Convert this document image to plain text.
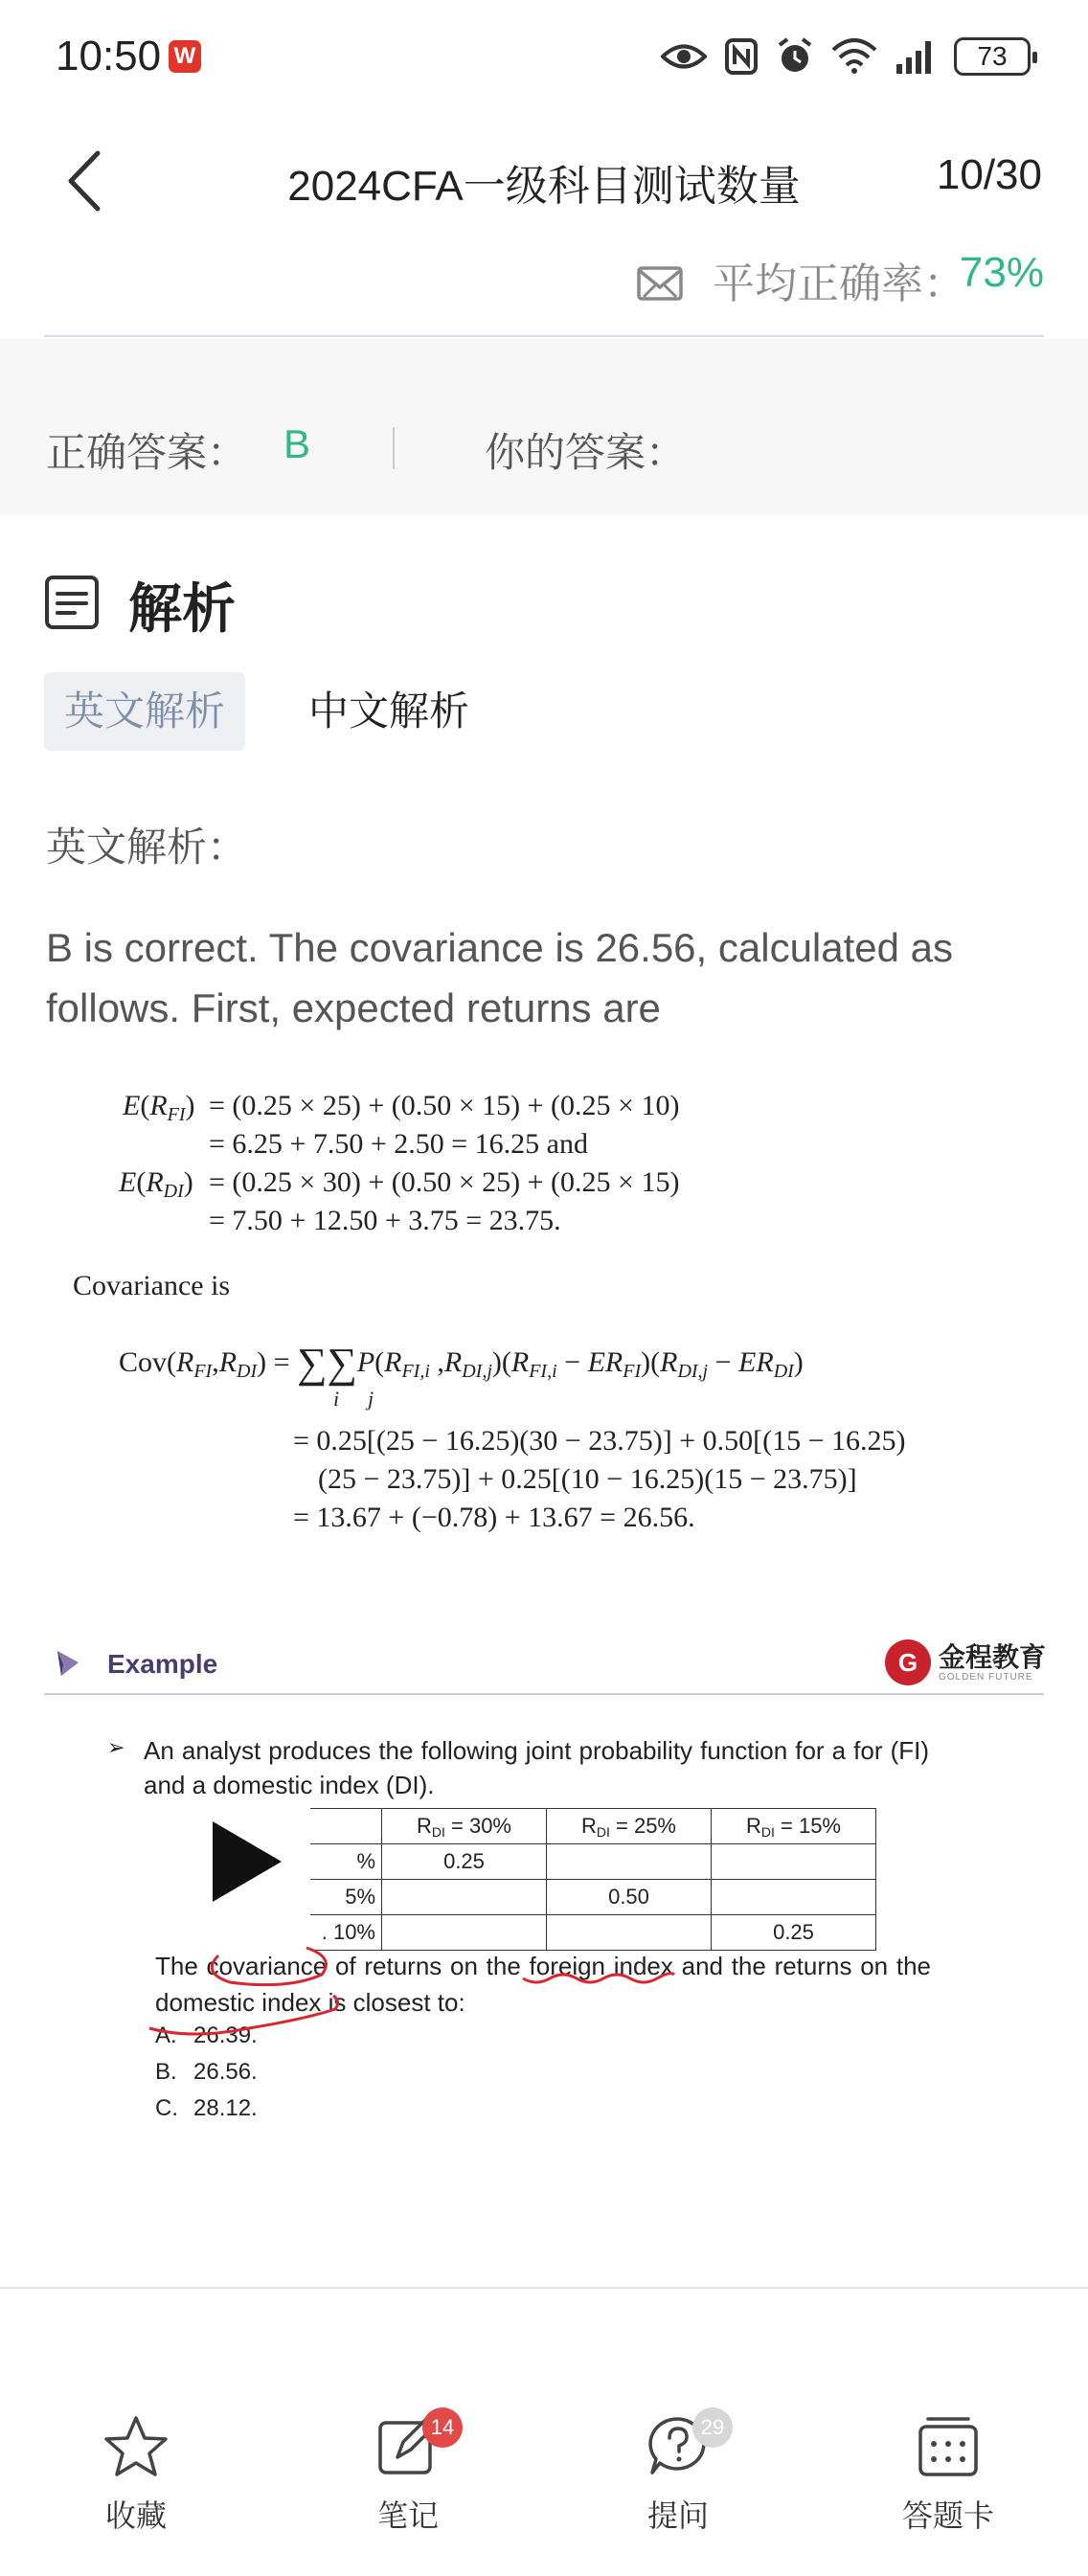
10:50 W	73
2024CFA一级科目测试数量	10/30
平均正确率：
73%
正确答案： B	你的答案：
解析
英文解析	中文解析
英文解析：
B is correct. The covariance is 26.56, calculated as follows. First, expected returns are
$E(R_{FI}) = (0.25 \times 25) + (0.50 \times 15) + (0.25 \times 10)$
= 6.25 + 7.50 + 2.50 = 16.25 and
$E(R_{DI}) = (0.25 \times 30) + (0.50 \times 25) + (0.25 \times 15)$
= 7.50 + 12.50 + 3.75 = 23.75.
Covariance is
$Cov(R_{FI},R_{DI}) = \sum\sum P(R_{FI,i}$ $,R_{DI,j})(R_{FI,i} - ER_{FI})(R_{DI,j} - ER_{DI})$
i j
= 0.25[(25 − 16.25)(30 − 23.75)] + 0.50[(15 − 16.25)
(25 − 23.75)] + 0.25[(10 − 16.25)(15 − 23.75)]
= 13.67 + (−0.78) + 13.67 = 26.56.
Example	G 金程教育
GOLDEN FUTURE
➢ An analyst produces the following joint probability function for a for (FI) and a domestic index (DI).
	RDI = 30%	RDI = 25%	RDI = 15%
%	0.25		
5%		0.50	
. 10%			0.25
The covariance of returns on the foreign index and the returns on the domestic index is closest to:
A. 26.39.
B. 26.56.
C. 28.12.
收藏
14
笔记
29
提问	答题卡
